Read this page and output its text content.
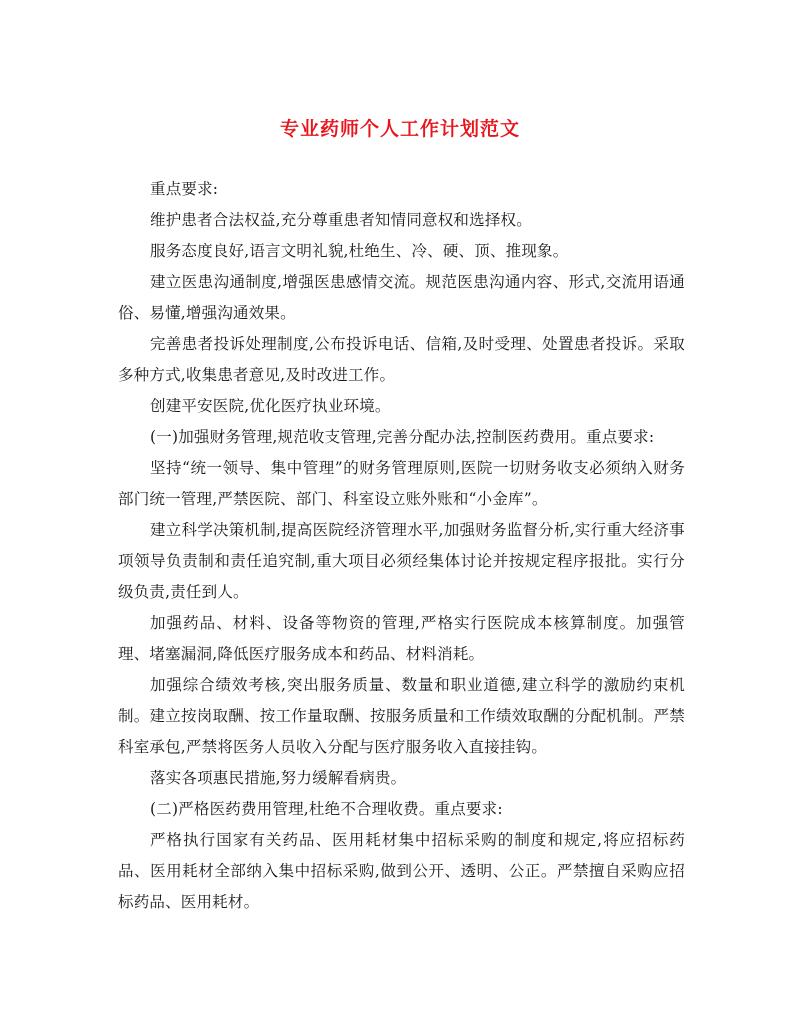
专业药师个人工作计划范文

重点要求:

维护患者合法权益,充分尊重患者知情同意权和选择权。

服务态度良好,语言文明礼貌,杜绝生、冷、硬、顶、推现象。

建立医患沟通制度,增强医患感情交流。规范医患沟通内容、形式,交流用语通俗、易懂,增强沟通效果。

完善患者投诉处理制度,公布投诉电话、信箱,及时受理、处置患者投诉。采取多种方式,收集患者意见,及时改进工作。

创建平安医院,优化医疗执业环境。

(一)加强财务管理,规范收支管理,完善分配办法,控制医药费用。重点要求:

坚持“统一领导、集中管理”的财务管理原则,医院一切财务收支必须纳入财务部门统一管理,严禁医院、部门、科室设立账外账和“小金库”。

建立科学决策机制,提高医院经济管理水平,加强财务监督分析,实行重大经济事项领导负责制和责任追究制,重大项目必须经集体讨论并按规定程序报批。实行分级负责,责任到人。

加强药品、材料、设备等物资的管理,严格实行医院成本核算制度。加强管理、堵塞漏洞,降低医疗服务成本和药品、材料消耗。

加强综合绩效考核,突出服务质量、数量和职业道德,建立科学的激励约束机制。建立按岗取酬、按工作量取酬、按服务质量和工作绩效取酬的分配机制。严禁科室承包,严禁将医务人员收入分配与医疗服务收入直接挂钩。

落实各项惠民措施,努力缓解看病贵。

(二)严格医药费用管理,杜绝不合理收费。重点要求:

严格执行国家有关药品、医用耗材集中招标采购的制度和规定,将应招标药品、医用耗材全部纳入集中招标采购,做到公开、透明、公正。严禁擅自采购应招标药品、医用耗材。
